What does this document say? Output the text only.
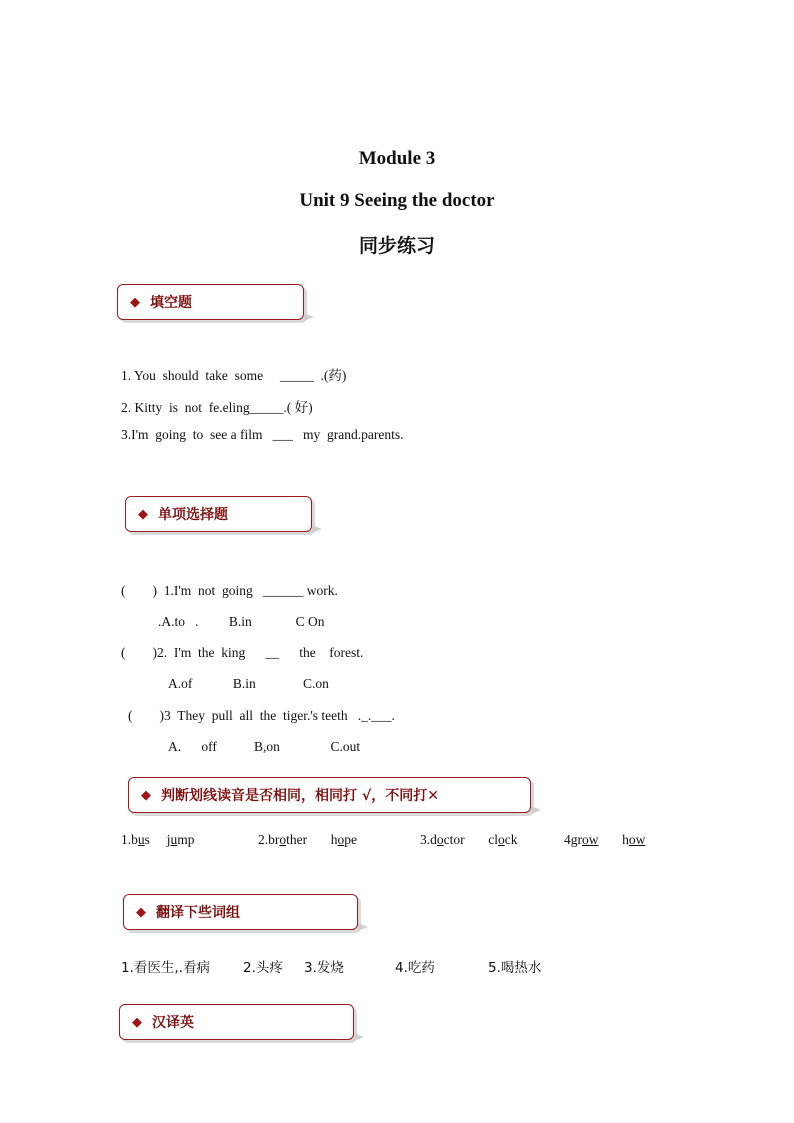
Module 3
Unit 9 Seeing the doctor
同步练习
◆ 填空题
1. You  should  take  some     _____  .(药)
2. Kitty  is  not  fe.eling_____.( 好)
3.I'm  going  to  see a film   ___   my  grand.parents.
◆ 单项选择题
(        )  1.I'm  not  going   ______ work.
.A.to   .         B.in             C On
(        )2.  I'm  the  king      __      the    forest.
A.of            B.in              C.on
(        )3  They  pull  all  the  tiger.'s teeth   ._.___.
A.      off           B,on               C.out
◆ 判断划线读音是否相同，相同打 √，不同打✕
1.bus jump	2.brother hope	3.doctor clock	4grow how
◆ 翻译下些词组
1.看医生,.看病 2.头疼 3.发烧	4.吃药	5.喝热水
◆ 汉译英
